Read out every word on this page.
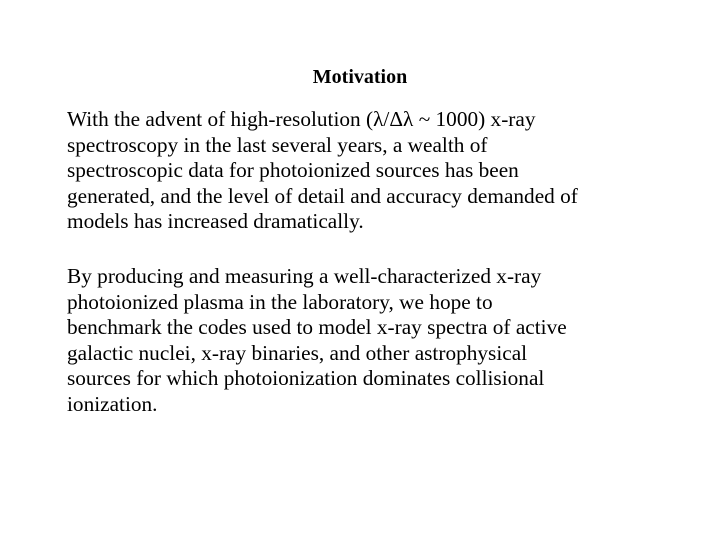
Motivation
With the advent of high-resolution (λ/Δλ ~ 1000) x-ray
spectroscopy in the last several years, a wealth of
spectroscopic data for photoionized sources has been
generated, and the level of detail and accuracy demanded of
models has increased dramatically.
By producing and measuring a well-characterized x-ray
photoionized plasma in the laboratory, we hope to
benchmark the codes used to model x-ray spectra of active
galactic nuclei, x-ray binaries, and other astrophysical
sources for which photoionization dominates collisional
ionization.
